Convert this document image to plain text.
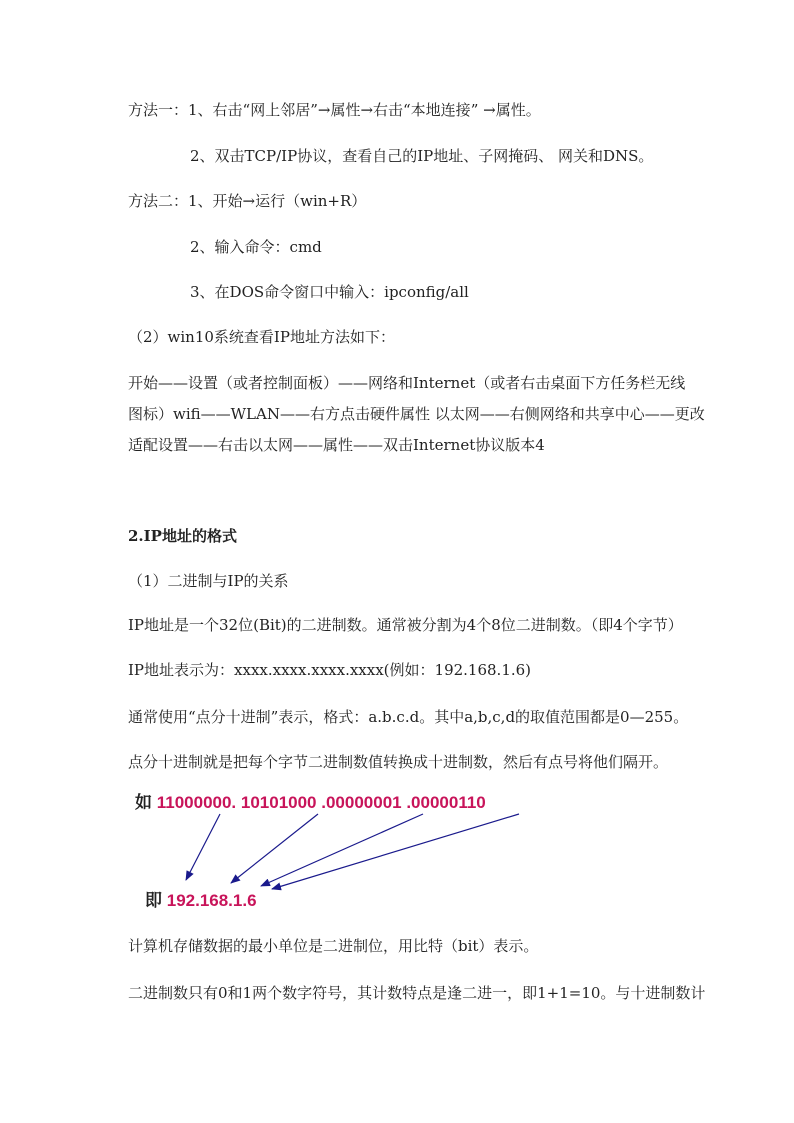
方法一：1、右击“网上邻居”→属性→右击“本地连接” →属性。
2、双击TCP/IP协议，查看自己的IP地址、子网掩码、 网关和DNS。
方法二：1、开始→运行（win+R）
2、输入命令：cmd
3、在DOS命令窗口中输入：ipconfig/all
（2）win10系统查看IP地址方法如下：
开始——设置（或者控制面板）——网络和Internet（或者右击桌面下方任务栏无线
图标）wifi——WLAN——右方点击硬件属性 以太网——右侧网络和共享中心——更改
适配设置——右击以太网——属性——双击Internet协议版本4
2.IP地址的格式
（1）二进制与IP的关系
IP地址是一个32位(Bit)的二进制数。通常被分割为4个8位二进制数。（即4个字节）
IP地址表示为：xxxx.xxxx.xxxx.xxxx(例如：192.168.1.6)
通常使用“点分十进制”表示，格式：a.b.c.d。其中a,b,c,d的取值范围都是0—255。
点分十进制就是把每个字节二进制数值转换成十进制数，然后有点号将他们隔开。
如 11000000. 10101000 .00000001 .00000110
即 192.168.1.6
计算机存储数据的最小单位是二进制位，用比特（bit）表示。
二进制数只有0和1两个数字符号，其计数特点是逢二进一，即1+1=10。与十进制数计
